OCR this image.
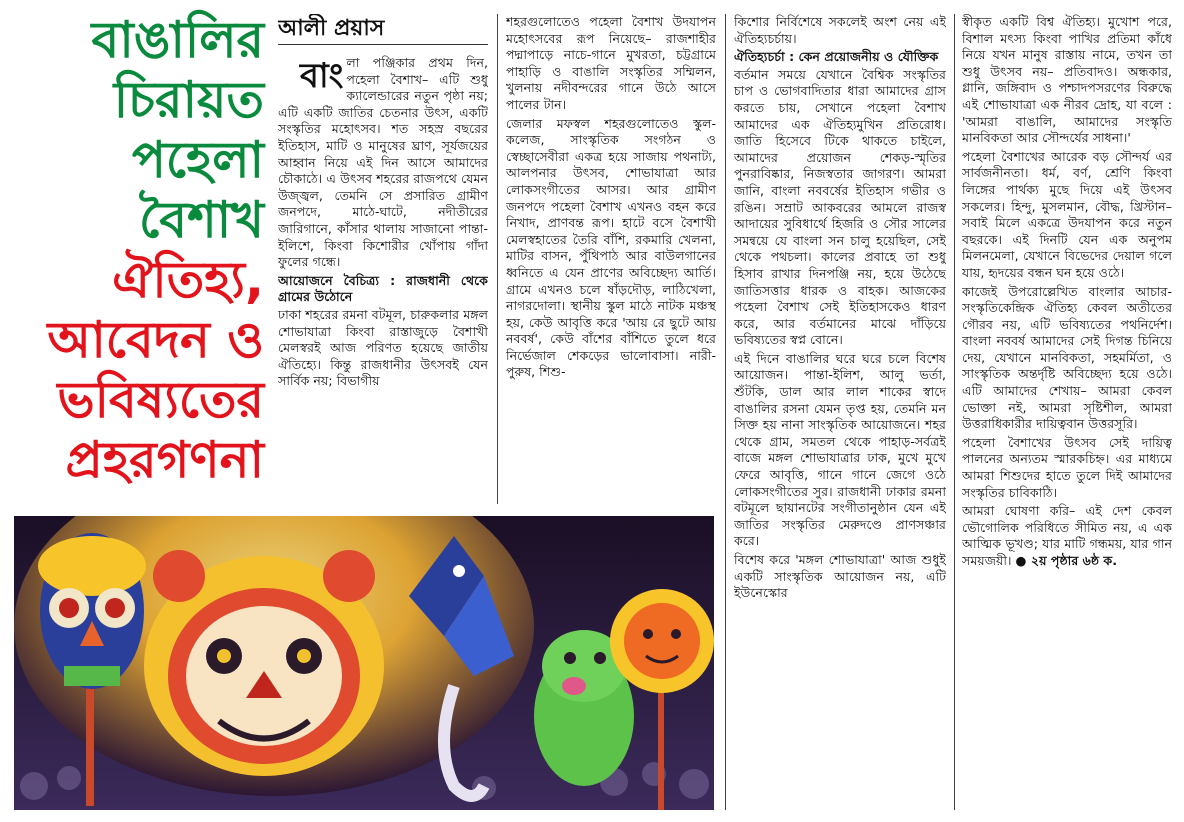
বাঙালির
চিরায়ত
পহেলা
বৈশাখ
ঐতিহ্য,
আবেদন ও
ভবিষ্যতের
প্রহরগণনা
আলী প্রয়াস
বাং লা পঞ্জিকার প্রথম দিন, পহেলা বৈশাখ– এটি শুধু ক্যালেন্ডারের নতুন পৃষ্ঠা নয়; এটি একটি জাতির চেতনার উৎস, একটি সংস্কৃতির মহোৎসব। শত সহস্র বছরের ইতিহাস, মাটি ও মানুষের ঘ্রাণ, সূর্যজয়ের আহ্বান নিয়ে এই দিন আসে আমাদের চৌকাঠে। এ উৎসব শহরের রাজপথে যেমন উজ্জ্বল, তেমনি সে প্রসারিত গ্রামীণ জনপদে, মাঠে-ঘাটে, নদীতীরের জারিগানে, কাঁসার থালায় সাজানো পান্তা-ইলিশে, কিংবা কিশোরীর খোঁপায় গাঁদা ফুলের গন্ধে।

আয়োজনে বৈচিত্র্য : রাজধানী থেকে গ্রামের উঠোনে

ঢাকা শহরের রমনা বটমূল, চারুকলার মঙ্গল শোভাযাত্রা কিংবা রাস্তাজুড়ে বৈশাখী মেলস্বরই আজ পরিণত হয়েছে জাতীয় ঐতিহ্যে। কিন্তু রাজধানীর উৎসবই যেন সার্বিক নয়; বিভাগীয়

শহরগুলোতেও পহেলা বৈশাখ উদযাপন মহোৎসবের রূপ নিয়েছে– রাজশাহীর পদ্মাপাড়ে নাচে-গানে মুখরতা, চট্টগ্রামে পাহাড়ি ও বাঙালি সংস্কৃতির সম্মিলন, খুলনায় নদীবন্দরের গানে উঠে আসে পালের টান।

জেলার মফস্বল শহরগুলোতেও স্কুল-কলেজ, সাংস্কৃতিক সংগঠন ও স্বেচ্ছাসেবীরা একত্র হয়ে সাজায় পথনাট্য, আলপনার উৎসব, শোভাযাত্রা আর লোকসংগীতের আসর। আর গ্রামীণ জনপদে পহেলা বৈশাখ এখনও বহন করে নিখাদ, প্রাণবন্ত রূপ। হাটে বসে বৈশাখী মেলস্বহাতের তৈরি বাঁশি, রকমারি খেলনা, মাটির বাসন, পুঁথিপাঠ আর বাউলগানের ধ্বনিতে এ যেন প্রাণের অবিচ্ছেদ্য আর্তি। গ্রামে এখনও চলে ষাঁড়দৌড়, লাঠিখেলা, নাগরদোলা। স্থানীয় স্কুল মাঠে নাটক মঞ্চস্থ হয়, কেউ আবৃত্তি করে 'আয় রে ছুটে আয় নববর্ষ', কেউ বাঁশের বাঁশিতে তুলে ধরে নির্ভেজাল শেকড়ের ভালোবাসা। নারী-পুরুষ, শিশু-

কিশোর নির্বিশেষে সকলেই অংশ নেয় এই ঐতিহ্যচর্চায়।

ঐতিহ্যচর্চা : কেন প্রয়োজনীয় ও যৌক্তিক

বর্তমান সময়ে যেখানে বৈশ্বিক সংস্কৃতির চাপ ও ভোগবাদিতার ধারা আমাদের গ্রাস করতে চায়, সেখানে পহেলা বৈশাখ আমাদের এক ঐতিহ্যমুখিন প্রতিরোধ। জাতি হিসেবে টিকে থাকতে চাইলে, আমাদের প্রয়োজন শেকড়-স্মৃতির পুনরাবিষ্কার, নিজস্বতার জাগরণ। আমরা জানি, বাংলা নববর্ষের ইতিহাস গভীর ও রঙিন। সম্রাট আকবরের আমলে রাজস্ব আদায়ের সুবিধার্থে হিজরি ও সৌর সালের সমন্বয়ে যে বাংলা সন চালু হয়েছিল, সেই থেকে পথচলা। কালের প্রবাহে তা শুধু হিসাব রাখার দিনপঞ্জি নয়, হয়ে উঠেছে জাতিসত্তার ধারক ও বাহক। আজকের পহেলা বৈশাখ সেই ইতিহাসকেও ধারণ করে, আর বর্তমানের মাঝে দাঁড়িয়ে ভবিষ্যতের স্বপ্ন বোনে।

এই দিনে বাঙালির ঘরে ঘরে চলে বিশেষ আয়োজন। পান্তা-ইলিশ, আলু ভর্তা, শুঁটকি, ডাল আর লাল শাকের স্বাদে বাঙালির রসনা যেমন তৃপ্ত হয়, তেমনি মন সিক্ত হয় নানা সাংস্কৃতিক আয়োজনে। শহর থেকে গ্রাম, সমতল থেকে পাহাড়-সর্বত্রই বাজে মঙ্গল শোভাযাত্রার ঢাক, মুখে মুখে ফেরে আবৃত্তি, গানে গানে জেগে ওঠে লোকসংগীতের সুর। রাজধানী ঢাকার রমনা বটমূলে ছায়ানটের সংগীতানুষ্ঠান যেন এই জাতির সংস্কৃতির মেরুদণ্ডে প্রাণসঞ্চার করে।

বিশেষ করে 'মঙ্গল শোভাযাত্রা' আজ শুধুই একটি সাংস্কৃতিক আয়োজন নয়, এটি ইউনেস্কোর

স্বীকৃত একটি বিশ্ব ঐতিহ্য। মুখোশ পরে, বিশাল মৎস্য কিংবা পাখির প্রতিমা কাঁধে নিয়ে যখন মানুষ রাস্তায় নামে, তখন তা শুধু উৎসব নয়– প্রতিবাদও। অন্ধকার, গ্লানি, জঙ্গিবাদ ও পশ্চাদপসরণের বিরুদ্ধে এই শোভাযাত্রা এক নীরব দ্রোহ, যা বলে : 'আমরা বাঙালি, আমাদের সংস্কৃতি মানবিকতা আর সৌন্দর্যের সাধনা।'

পহেলা বৈশাখের আরেক বড় সৌন্দর্য এর সার্বজনীনতা। ধর্ম, বর্ণ, শ্রেণি কিংবা লিঙ্গের পার্থক্য মুছে দিয়ে এই উৎসব সকলের। হিন্দু, মুসলমান, বৌদ্ধ, খ্রিস্টান– সবাই মিলে একত্রে উদযাপন করে নতুন বছরকে। এই দিনটি যেন এক অনুপম মিলনমেলা, যেখানে বিভেদের দেয়াল গলে যায়, হৃদয়ের বন্ধন ঘন হয়ে ওঠে।

কাজেই উপরোল্লেখিত বাংলার আচার-সংস্কৃতিকেন্দ্রিক ঐতিহ্য কেবল অতীতের গৌরব নয়, এটি ভবিষ্যতের পথনির্দেশ। বাংলা নববর্ষ আমাদের সেই দিগন্ত চিনিয়ে দেয়, যেখানে মানবিকতা, সহমর্মিতা, ও সাংস্কৃতিক অন্তর্দৃষ্টি অবিচ্ছেদ্য হয়ে ওঠে। এটি আমাদের শেখায়– আমরা কেবল ভোক্তা নই, আমরা সৃষ্টিশীল, আমরা উত্তরাধিকারীর দায়িত্ববান উত্তরসূরি।

পহেলা বৈশাখের উৎসব সেই দায়িত্ব পালনের অন্যতম স্মারকচিহ্ন। এর মাধ্যমে আমরা শিশুদের হাতে তুলে দিই আমাদের সংস্কৃতির চাবিকাঠি।

আমরা ঘোষণা করি– এই দেশ কেবল ভৌগোলিক পরিধিতে সীমিত নয়, এ এক আত্মিক ভূখণ্ড; যার মাটি গন্ধময়, যার গান সময়জয়ী। ● ২য় পৃষ্ঠার ৬ষ্ঠ ক.
